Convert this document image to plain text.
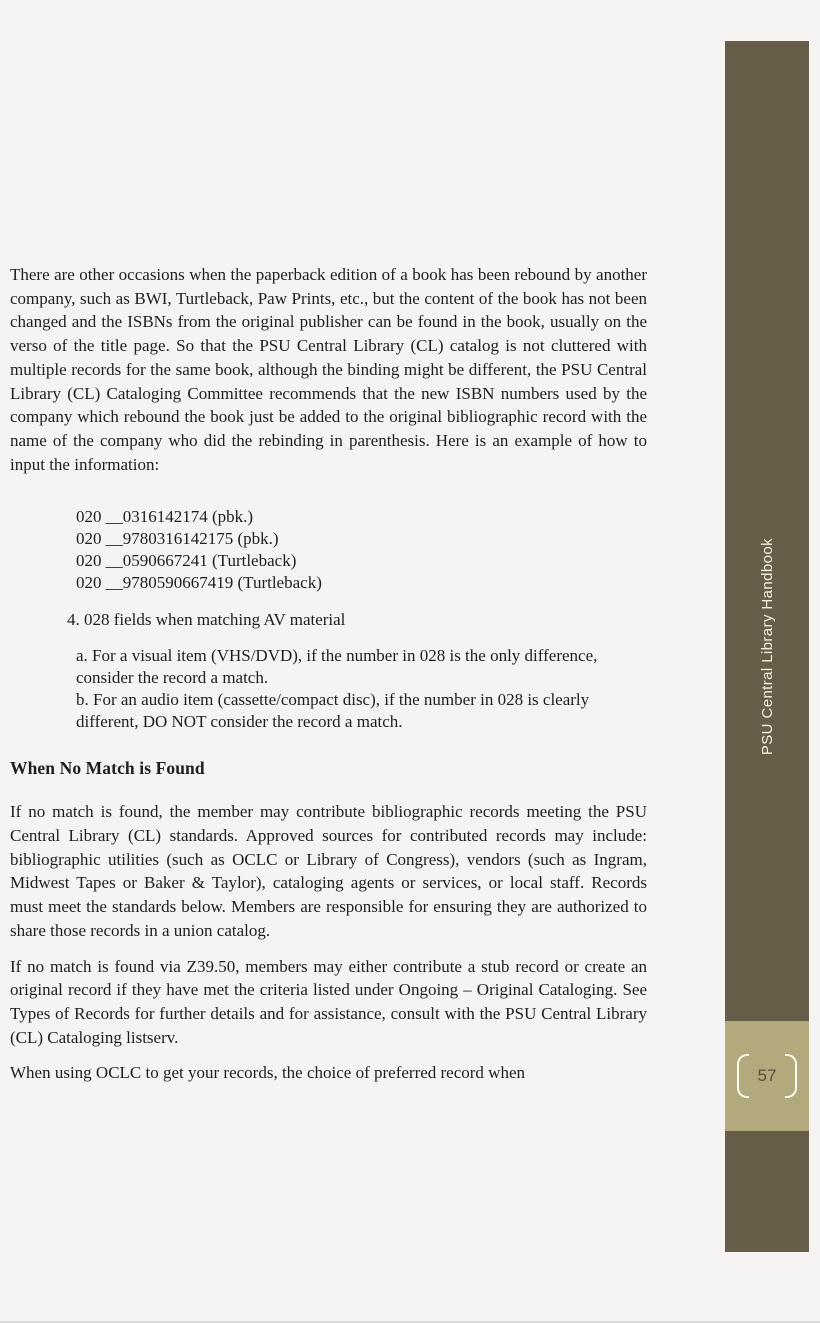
There are other occasions when the paperback edition of a book has been rebound by another company, such as BWI, Turtleback, Paw Prints, etc., but the content of the book has not been changed and the ISBNs from the original publisher can be found in the book, usually on the verso of the title page. So that the PSU Central Library (CL) catalog is not cluttered with multiple records for the same book, although the binding might be different, the PSU Central Library (CL) Cataloging Committee recommends that the new ISBN numbers used by the company which rebound the book just be added to the original bibliographic record with the name of the company who did the rebinding in parenthesis. Here is an example of how to input the information:

020 __0316142174 (pbk.)
020 __9780316142175 (pbk.)
020 __0590667241 (Turtleback)
020 __9780590667419 (Turtleback)
4. 028 fields when matching AV material
a. For a visual item (VHS/DVD), if the number in 028 is the only difference, consider the record a match.
b. For an audio item (cassette/compact disc), if the number in 028 is clearly different, DO NOT consider the record a match.
When No Match is Found

If no match is found, the member may contribute bibliographic records meeting the PSU Central Library (CL) standards. Approved sources for contributed records may include: bibliographic utilities (such as OCLC or Library of Congress), vendors (such as Ingram, Midwest Tapes or Baker & Taylor), cataloging agents or services, or local staff. Records must meet the standards below. Members are responsible for ensuring they are authorized to share those records in a union catalog.

If no match is found via Z39.50, members may either contribute a stub record or create an original record if they have met the criteria listed under Ongoing – Original Cataloging. See Types of Records for further details and for assistance, consult with the PSU Central Library (CL) Cataloging listserv.

When using OCLC to get your records, the choice of preferred record when

PSU Central Library Handbook
57
